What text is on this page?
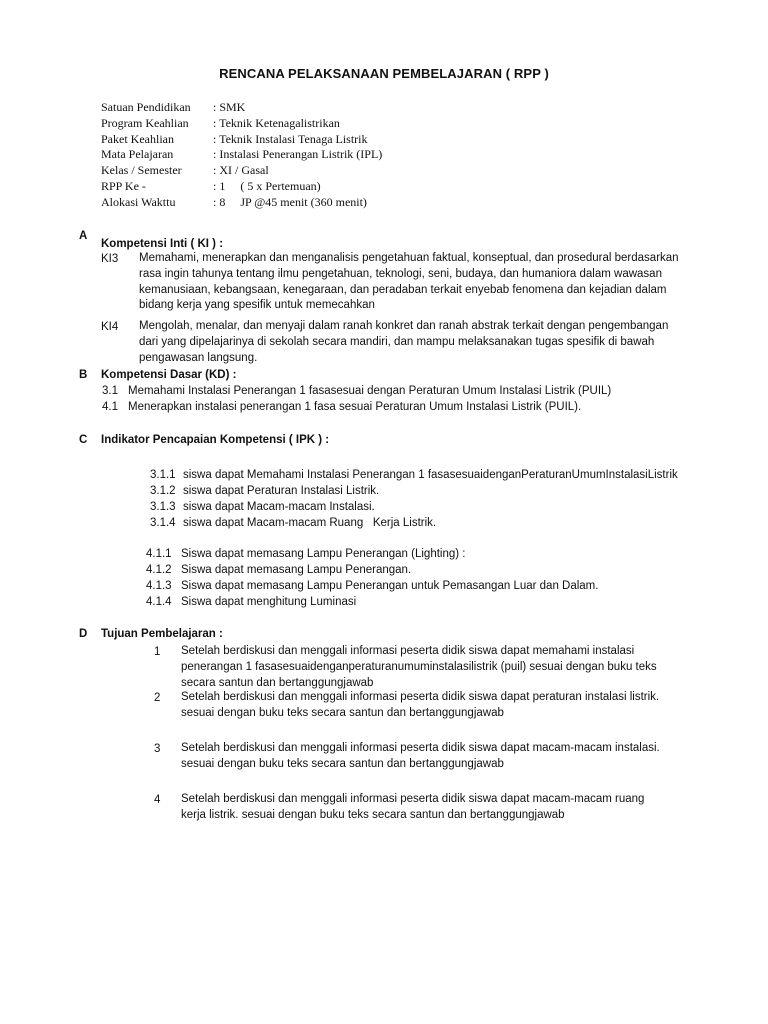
RENCANA PELAKSANAAN PEMBELAJARAN ( RPP )
Satuan Pendidikan	: SMK
Program Keahlian	: Teknik Ketenagalistrikan
Paket Keahlian	: Teknik Instalasi Tenaga Listrik
Mata Pelajaran	: Instalasi Penerangan Listrik (IPL)
Kelas / Semester	: XI / Gasal
RPP Ke -	: 1     ( 5 x Pertemuan)
Alokasi Wakttu	: 8     JP @45 menit (360 menit)
A
Kompetensi Inti ( KI ) :
KI3 Memahami, menerapkan dan menganalisis pengetahuan faktual, konseptual, dan prosedural berdasarkan
rasa ingin tahunya tentang ilmu pengetahuan, teknologi, seni, budaya, dan humaniora dalam wawasan
kemanusiaan, kebangsaan, kenegaraan, dan peradaban terkait enyebab fenomena dan kejadian dalam
bidang kerja yang spesifik untuk memecahkan
KI4 Mengolah, menalar, dan menyaji dalam ranah konkret dan ranah abstrak terkait dengan pengembangan
dari yang dipelajarinya di sekolah secara mandiri, dan mampu melaksanakan tugas spesifik di bawah
pengawasan langsung.
B Kompetensi Dasar (KD) :
3.1 Memahami Instalasi Penerangan 1 fasasesuai dengan Peraturan Umum Instalasi Listrik (PUIL)
4.1 Menerapkan instalasi penerangan 1 fasa sesuai Peraturan Umum Instalasi Listrik (PUIL).
C Indikator Pencapaian Kompetensi ( IPK ) :
3.1.1 siswa dapat Memahami Instalasi Penerangan 1 fasasesuaidenganPeraturanUmumInstalasiListrik
3.1.2 siswa dapat Peraturan Instalasi Listrik.
3.1.3 siswa dapat Macam-macam Instalasi.
3.1.4 siswa dapat Macam-macam Ruang   Kerja Listrik.
4.1.1 Siswa dapat memasang Lampu Penerangan (Lighting) :
4.1.2 Siswa dapat memasang Lampu Penerangan.
4.1.3 Siswa dapat memasang Lampu Penerangan untuk Pemasangan Luar dan Dalam.
4.1.4 Siswa dapat menghitung Luminasi
D Tujuan Pembelajaran :
1 Setelah berdiskusi dan menggali informasi peserta didik siswa dapat memahami instalasi
penerangan 1 fasasesuaidenganperaturanumuminstalasilistrik (puil) sesuai dengan buku teks
secara santun dan bertanggungjawab
2 Setelah berdiskusi dan menggali informasi peserta didik siswa dapat peraturan instalasi listrik.
sesuai dengan buku teks secara santun dan bertanggungjawab
3 Setelah berdiskusi dan menggali informasi peserta didik siswa dapat macam-macam instalasi.
sesuai dengan buku teks secara santun dan bertanggungjawab
4 Setelah berdiskusi dan menggali informasi peserta didik siswa dapat macam-macam ruang
kerja listrik. sesuai dengan buku teks secara santun dan bertanggungjawab
